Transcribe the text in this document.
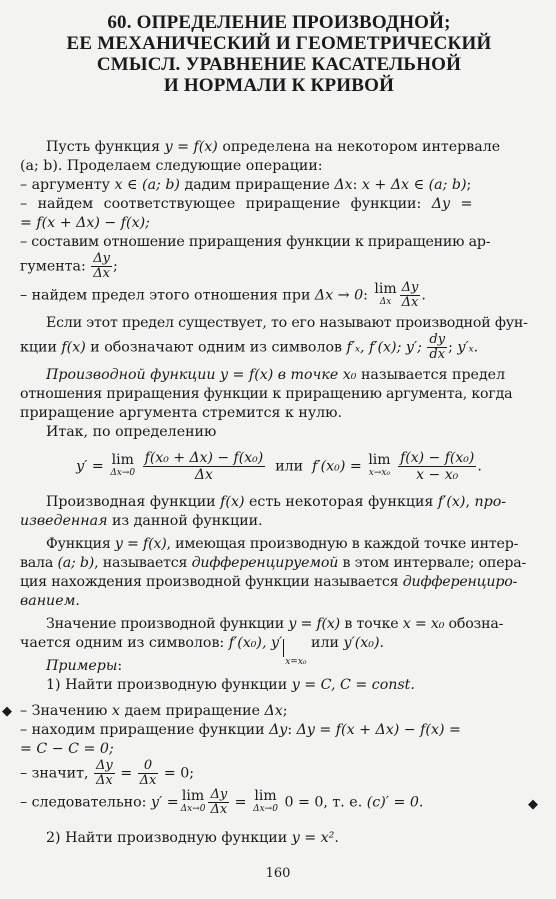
60. ОПРЕДЕЛЕНИЕ ПРОИЗВОДНОЙ;
ЕЕ МЕХАНИЧЕСКИЙ И ГЕОМЕТРИЧЕСКИЙ
СМЫСЛ. УРАВНЕНИЕ КАСАТЕЛЬНОЙ
И НОРМАЛИ К КРИВОЙ

Пусть функция y = f(x) определена на некотором интервале

(a; b). Проделаем следующие операции:

– аргументу x ∈ (a; b) дадим приращение Δx: x + Δx ∈ (a; b);

– найдем соответствующее приращение функции: Δy =

= f(x + Δx) − f(x);

– составим отношение приращения функции к приращению ар-

гумента: $\frac{\Delta y}{\Delta x}$ ;

– найдем предел этого отношения при Δx → 0: lim
Δx $\frac{\Delta y}{\Delta x}$ .

Если этот предел существует, то его называют производной фун-

кции f(x) и обозначают одним из символов f′ₓ, f′(x); y′; $\frac{dy}{dx}$ ; y′ₓ.

Производной функции y = f(x) в точке x₀ называется предел

отношения приращения функции к приращению аргумента, когда

приращение аргумента стремится к нулю.

Итак, по определению

y′ = lim
Δx→0
$\frac{\text{f(x₀ + Δx) − f(x₀)}}{\Delta x}$ или f′(x₀) = lim
x→x₀
$\frac{\text{f(x) − f(x₀)}}{\text{x − x₀}}$ .

Производная функции f(x) есть некоторая функция f′(x), про-

изведенная из данной функции.

Функция y = f(x), имеющая производную в каждой точке интер-

вала (a; b), называется дифференцируемой в этом интервале; опера-

ция нахождения производной функции называется дифференциро-

ванием.

Значение производной функции y = f(x) в точке x = x₀ обозна-

чается одним из символов: f′(x₀), $y'_{x=x_0}$ или y′(x₀).

Примеры:

1) Найти производную функции y = C, C = const.

◆ – Значению x даем приращение Δx;

– находим приращение функции Δy: Δy = f(x + Δx) − f(x) =

= C − C = 0;

– значит, $\frac{\Delta y}{\Delta x} = \frac{0}{\Delta x} = 0$;

– следовательно: y′ = lim
$\Delta x\to 0 \frac{\Delta y}{\Delta x} = \lim$
Δx→0 0 = 0, т. е. (c)′ = 0.	◆

2) Найти производную функции y = x².

160
